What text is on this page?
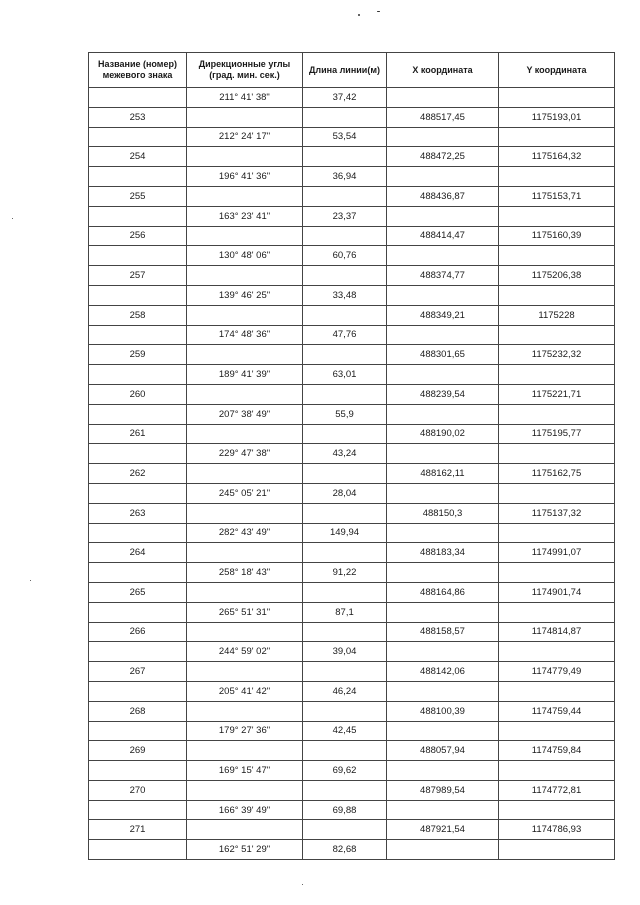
Название (номер) межевого знака	Дирекционные углы (град. мин. сек.)	Длина линии(м)	X координата	Y координата
	211° 41' 38"	37,42		
253			488517,45	1175193,01
	212° 24' 17"	53,54		
254			488472,25	1175164,32
	196° 41' 36"	36,94		
255			488436,87	1175153,71
	163° 23' 41"	23,37		
256			488414,47	1175160,39
	130° 48' 06"	60,76		
257			488374,77	1175206,38
	139° 46' 25"	33,48		
258			488349,21	1175228
	174° 48' 36"	47,76		
259			488301,65	1175232,32
	189° 41' 39"	63,01		
260			488239,54	1175221,71
	207° 38' 49"	55,9		
261			488190,02	1175195,77
	229° 47' 38"	43,24		
262			488162,11	1175162,75
	245° 05' 21"	28,04		
263			488150,3	1175137,32
	282° 43' 49"	149,94		
264			488183,34	1174991,07
	258° 18' 43"	91,22		
265			488164,86	1174901,74
	265° 51' 31"	87,1		
266			488158,57	1174814,87
	244° 59' 02"	39,04		
267			488142,06	1174779,49
	205° 41' 42"	46,24		
268			488100,39	1174759,44
	179° 27' 36"	42,45		
269			488057,94	1174759,84
	169° 15' 47"	69,62		
270			487989,54	1174772,81
	166° 39' 49"	69,88		
271			487921,54	1174786,93
	162° 51' 29"	82,68		
